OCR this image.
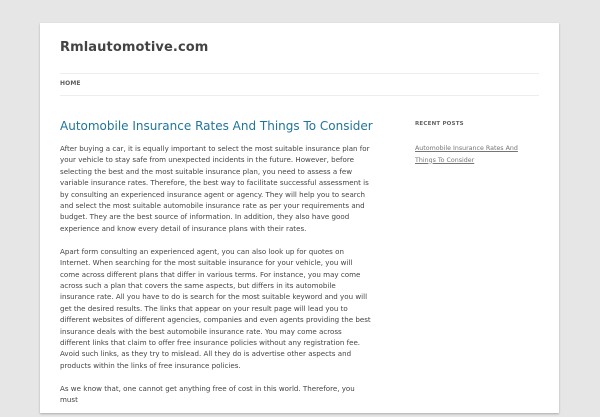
Rmlautomotive.com
HOME
Automobile Insurance Rates And Things To Consider

After buying a car, it is equally important to select the most suitable insurance plan for your vehicle to stay safe from unexpected incidents in the future. However, before selecting the best and the most suitable insurance plan, you need to assess a few variable insurance rates. Therefore, the best way to facilitate successful assessment is by consulting an experienced insurance agent or agency. They will help you to search and select the most suitable automobile insurance rate as per your requirements and budget. They are the best source of information. In addition, they also have good experience and know every detail of insurance plans with their rates.

Apart form consulting an experienced agent, you can also look up for quotes on Internet. When searching for the most suitable insurance for your vehicle, you will come across different plans that differ in various terms. For instance, you may come across such a plan that covers the same aspects, but differs in its automobile insurance rate. All you have to do is search for the most suitable keyword and you will get the desired results. The links that appear on your result page will lead you to different websites of different agencies, companies and even agents providing the best insurance deals with the best automobile insurance rate. You may come across different links that claim to offer free insurance policies without any registration fee. Avoid such links, as they try to mislead. All they do is advertise other aspects and products within the links of free insurance policies.

As we know that, one cannot get anything free of cost in this world. Therefore, you must

RECENT POSTS
Automobile Insurance Rates And Things To Consider
